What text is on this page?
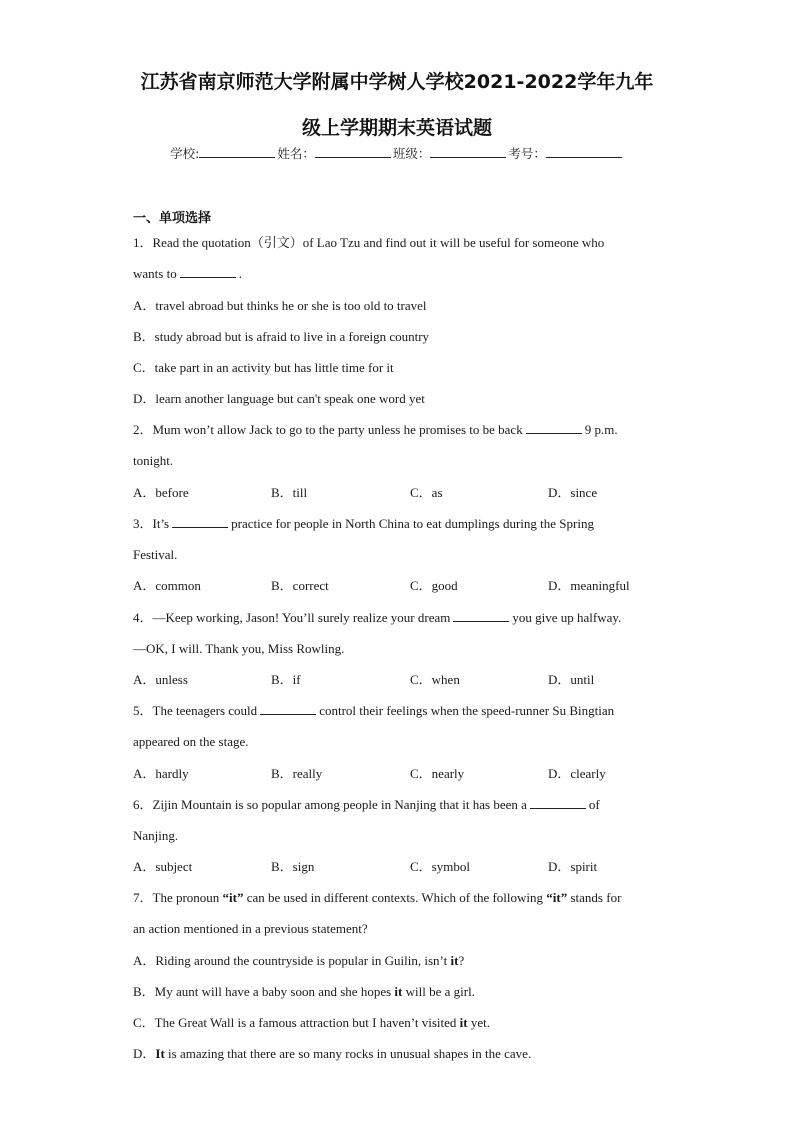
江苏省南京师范大学附属中学树人学校2021-2022学年九年
级上学期期末英语试题
学校:	姓名：	班级：	考号：
一、单项选择
1．Read the quotation（引文）of Lao Tzu and find out it will be useful for someone who
wants to	.
A．travel abroad but thinks he or she is too old to travel
B．study abroad but is afraid to live in a foreign country
C．take part in an activity but has little time for it
D．learn another language but can't speak one word yet
2．Mum won’t allow Jack to go to the party unless he promises to be back	9 p.m.
tonight.
A．before	B．till	C．as	D．since
3．It’s	practice for people in North China to eat dumplings during the Spring
Festival.
A．common	B．correct	C．good	D．meaningful
4．—Keep working, Jason! You’ll surely realize your dream	you give up halfway.
—OK, I will. Thank you, Miss Rowling.
A．unless	B．if	C．when	D．until
5．The teenagers could	control their feelings when the speed-runner Su Bingtian
appeared on the stage.
A．hardly	B．really	C．nearly	D．clearly
6．Zijin Mountain is so popular among people in Nanjing that it has been a	of
Nanjing.
A．subject	B．sign	C．symbol	D．spirit
7．The pronoun “it” can be used in different contexts. Which of the following “it” stands for
an action mentioned in a previous statement?
A．Riding around the countryside is popular in Guilin, isn’t it?
B．My aunt will have a baby soon and she hopes it will be a girl.
C．The Great Wall is a famous attraction but I haven’t visited it yet.
D．It is amazing that there are so many rocks in unusual shapes in the cave.
